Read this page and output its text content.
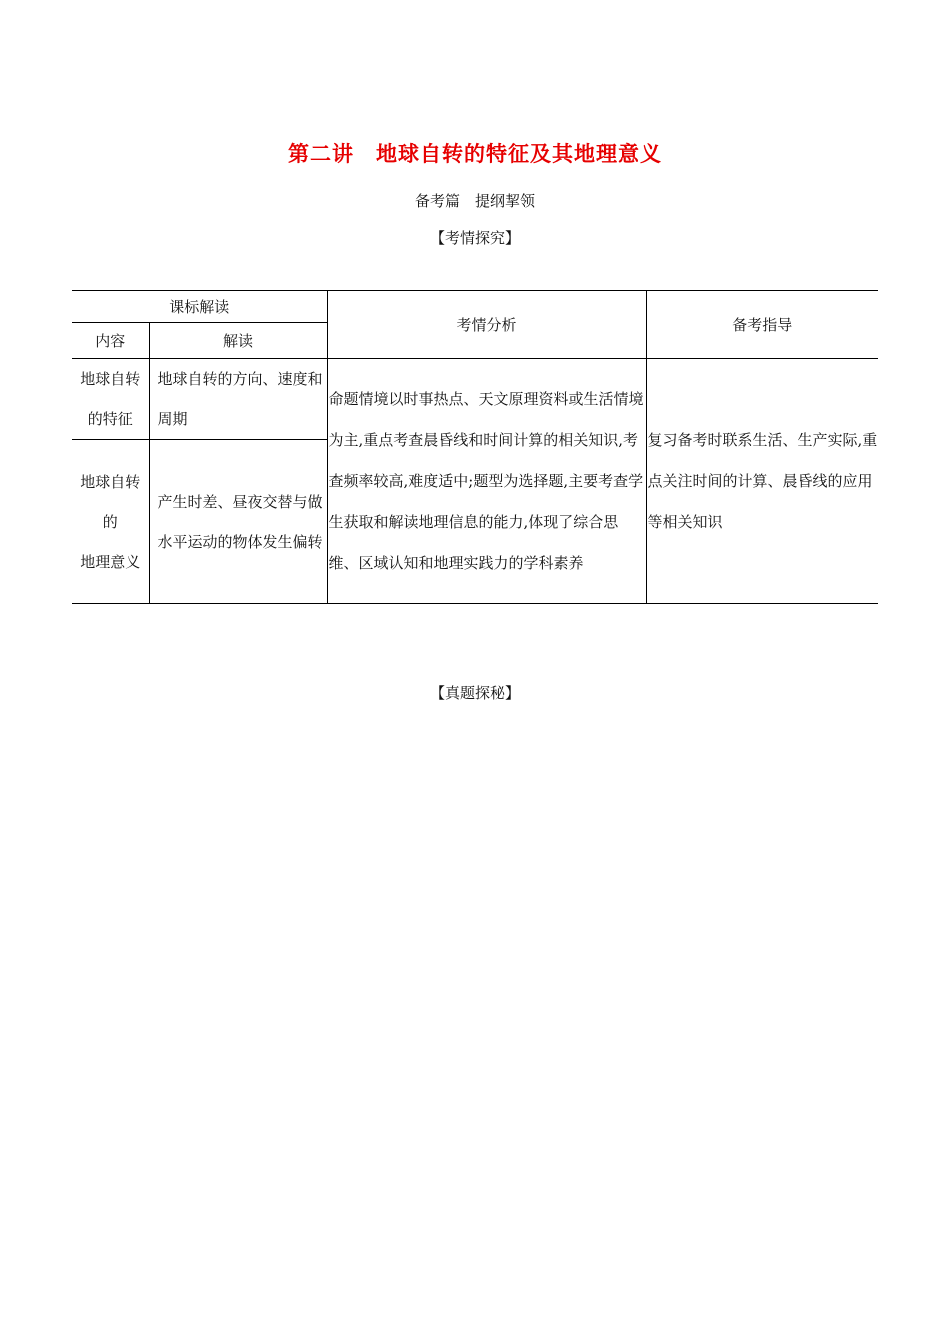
第二讲　地球自转的特征及其地理意义
备考篇　提纲挈领
【考情探究】
课标解读		考情分析	备考指导
内容	解读		
地球自转的特征	地球自转的方向、速度和周期	命题情境以时事热点、天文原理资料或生活情境为主,重点考查晨昏线和时间计算的相关知识,考查频率较高,难度适中;题型为选择题,主要考查学生获取和解读地理信息的能力,体现了综合思维、区域认知和地理实践力的学科素养	复习备考时联系生活、生产实际,重点关注时间的计算、晨昏线的应用等相关知识

地球自转
的
地理意义	产生时差、昼夜交替与做水平运动的物体发生偏转		
【真题探秘】
